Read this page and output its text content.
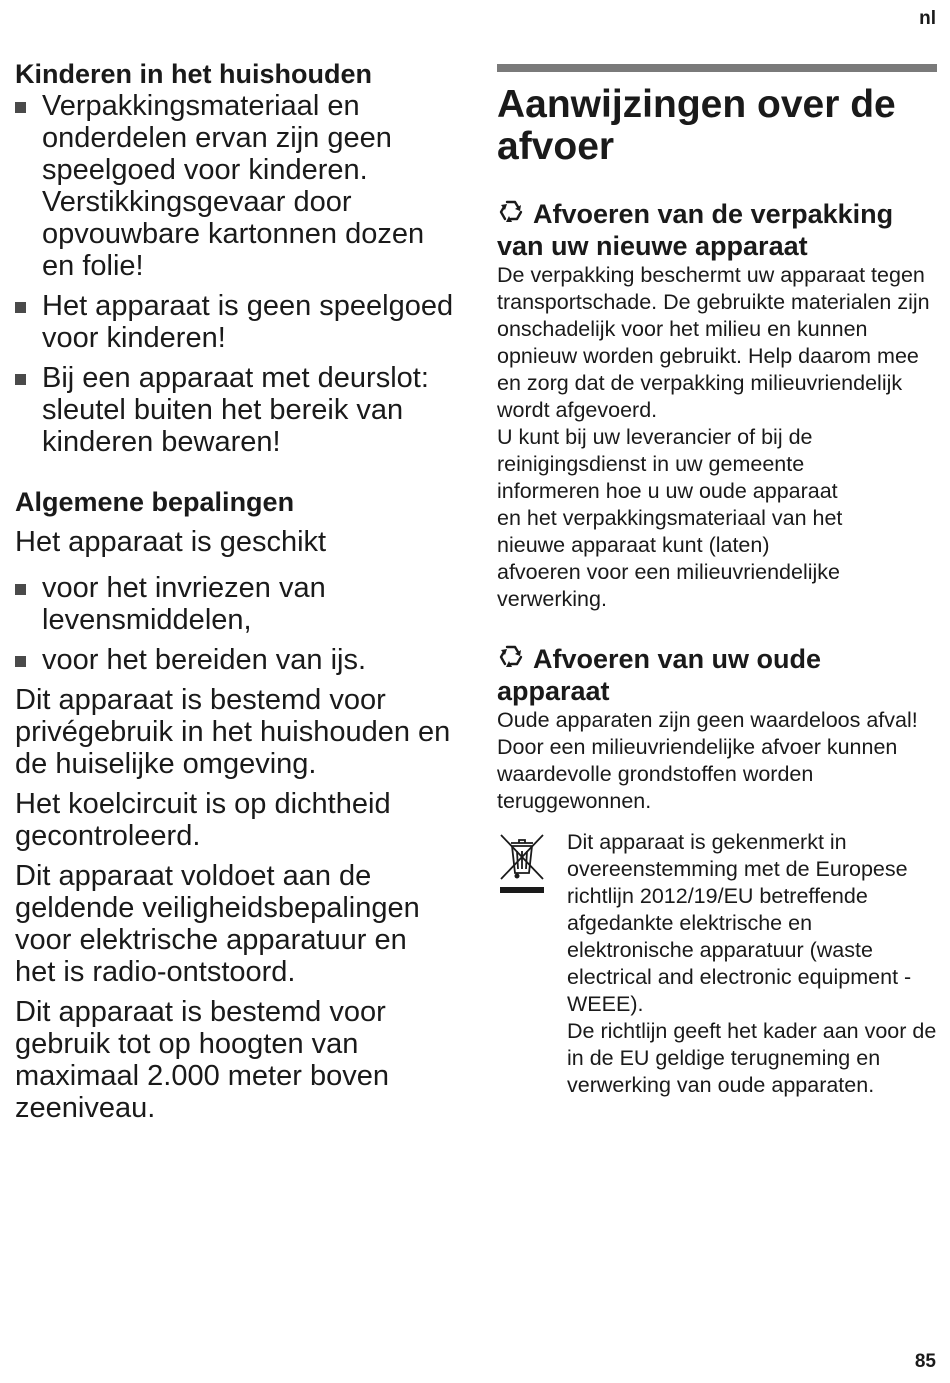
nl

Kinderen in het huishouden

Verpakkingsmateriaal en onderdelen ervan zijn geen speelgoed voor kinderen. Verstikkingsgevaar door opvouwbare kartonnen dozen en folie!
Het apparaat is geen speelgoed voor kinderen!
Bij een apparaat met deurslot: sleutel buiten het bereik van kinderen bewaren!

Algemene bepalingen

Het apparaat is geschikt

voor het invriezen van levensmiddelen,
voor het bereiden van ijs.

Dit apparaat is bestemd voor privégebruik in het huishouden en de huiselijke omgeving.

Het koelcircuit is op dichtheid gecontroleerd.

Dit apparaat voldoet aan de geldende veiligheidsbepalingen voor elektrische apparatuur en het is radio-ontstoord.

Dit apparaat is bestemd voor gebruik tot op hoogten van maximaal 2.000 meter boven zeeniveau.

Aanwijzingen over de afvoer

Afvoeren van de verpakking van uw nieuwe apparaat

De verpakking beschermt uw apparaat tegen transportschade. De gebruikte materialen zijn onschadelijk voor het milieu en kunnen opnieuw worden gebruikt. Help daarom mee en zorg dat de verpakking milieuvriendelijk wordt afgevoerd.

U kunt bij uw leverancier of bij de reinigingsdienst in uw gemeente informeren hoe u uw oude apparaat en het verpakkingsmateriaal van het nieuwe apparaat kunt (laten) afvoeren voor een milieuvriendelijke verwerking.

Afvoeren van uw oude apparaat

Oude apparaten zijn geen waardeloos afval! Door een milieuvriendelijke afvoer kunnen waardevolle grondstoffen worden teruggewonnen.

Dit apparaat is gekenmerkt in overeenstemming met de Europese richtlijn 2012/19/EU betreffende afgedankte elektrische en elektronische apparatuur (waste electrical and electronic equipment - WEEE).

De richtlijn geeft het kader aan voor de in de EU geldige terugneming en verwerking van oude apparaten.

85
